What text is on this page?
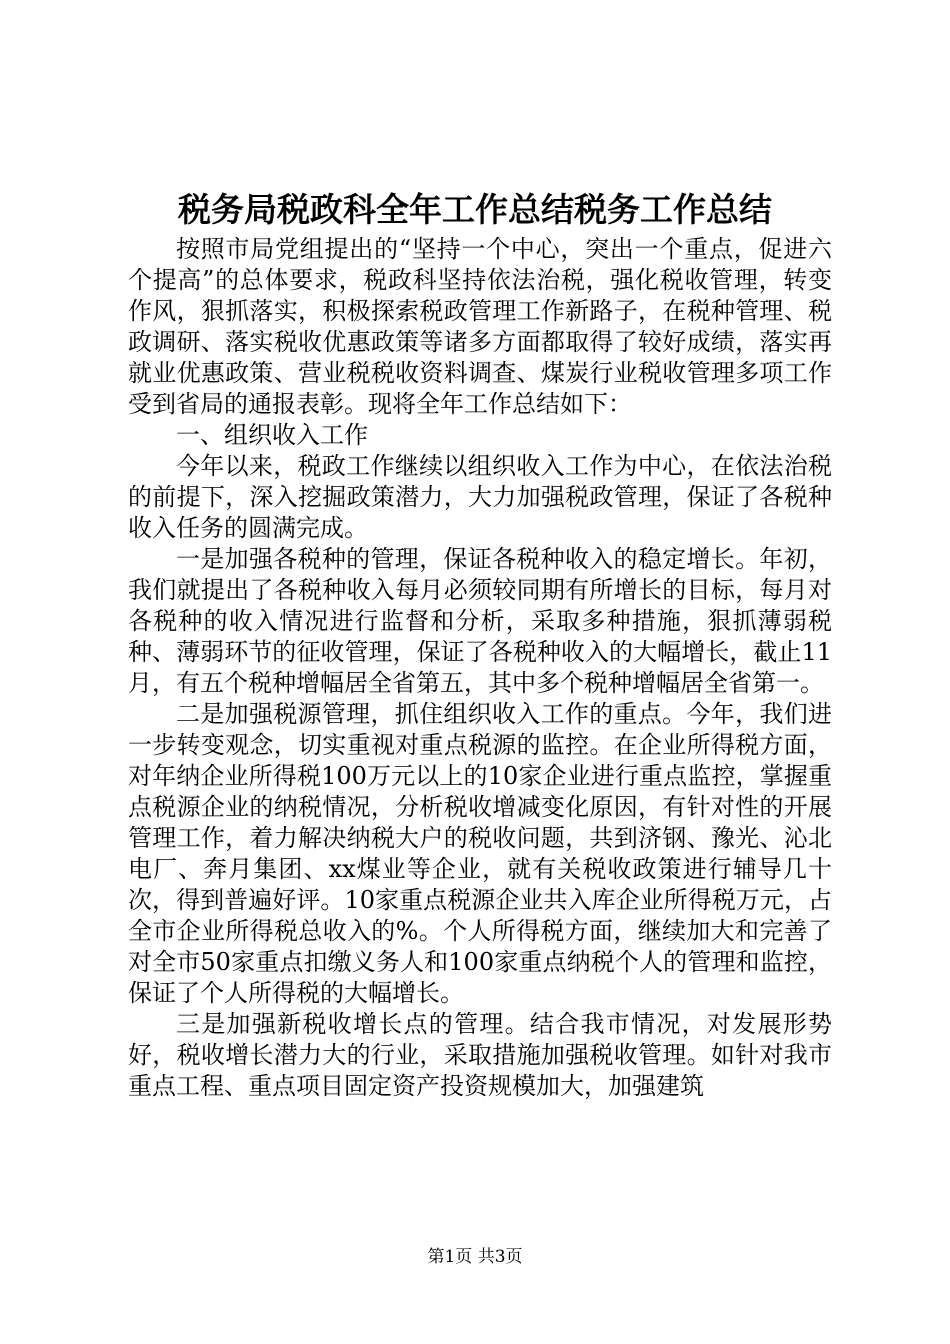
税务局税政科全年工作总结税务工作总结

按照市局党组提出的“坚持一个中心，突出一个重点，促进六个提高”的总体要求，税政科坚持依法治税，强化税收管理，转变作风，狠抓落实，积极探索税政管理工作新路子，在税种管理、税政调研、落实税收优惠政策等诸多方面都取得了较好成绩，落实再就业优惠政策、营业税税收资料调查、煤炭行业税收管理多项工作受到省局的通报表彰。现将全年工作总结如下：

一、组织收入工作

今年以来，税政工作继续以组织收入工作为中心，在依法治税的前提下，深入挖掘政策潜力，大力加强税政管理，保证了各税种收入任务的圆满完成。

一是加强各税种的管理，保证各税种收入的稳定增长。年初，我们就提出了各税种收入每月必须较同期有所增长的目标，每月对各税种的收入情况进行监督和分析，采取多种措施，狠抓薄弱税种、薄弱环节的征收管理，保证了各税种收入的大幅增长，截止11月，有五个税种增幅居全省第五，其中多个税种增幅居全省第一。

二是加强税源管理，抓住组织收入工作的重点。今年，我们进一步转变观念，切实重视对重点税源的监控。在企业所得税方面，对年纳企业所得税100万元以上的10家企业进行重点监控，掌握重点税源企业的纳税情况，分析税收增减变化原因，有针对性的开展管理工作，着力解决纳税大户的税收问题，共到济钢、豫光、沁北电厂、奔月集团、xx煤业等企业，就有关税收政策进行辅导几十次，得到普遍好评。10家重点税源企业共入库企业所得税万元，占全市企业所得税总收入的%。个人所得税方面，继续加大和完善了对全市50家重点扣缴义务人和100家重点纳税个人的管理和监控，保证了个人所得税的大幅增长。

三是加强新税收增长点的管理。结合我市情况，对发展形势好，税收增长潜力大的行业，采取措施加强税收管理。如针对我市重点工程、重点项目固定资产投资规模加大，加强建筑

第1页 共3页
